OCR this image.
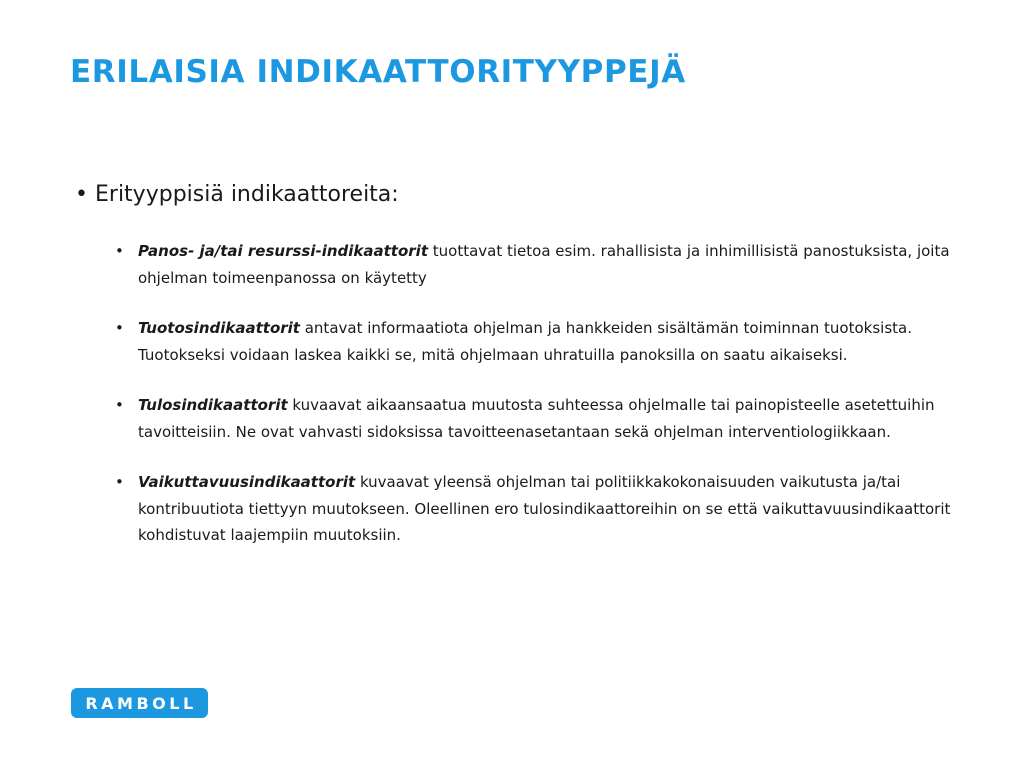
ERILAISIA INDIKAATTORITYYPPEJÄ
• Erityyppisiä indikaattoreita:
• Panos- ja/tai resurssi-indikaattorit tuottavat tietoa esim. rahallisista ja inhimillisistä panostuksista, joita ohjelman toimeenpanossa on käytetty
• Tuotosindikaattorit antavat informaatiota ohjelman ja hankkeiden sisältämän toiminnan tuotoksista. Tuotokseksi voidaan laskea kaikki se, mitä ohjelmaan uhratuilla panoksilla on saatu aikaiseksi.
• Tulosindikaattorit kuvaavat aikaansaatua muutosta suhteessa ohjelmalle tai painopisteelle asetettuihin tavoitteisiin. Ne ovat vahvasti sidoksissa tavoitteenasetantaan sekä ohjelman interventiologiikkaan.
• Vaikuttavuusindikaattorit kuvaavat yleensä ohjelman tai politiikkakokonaisuuden vaikutusta ja/tai kontribuutiota tiettyyn muutokseen. Oleellinen ero tulosindikaattoreihin on se että vaikuttavuusindikaattorit kohdistuvat laajempiin muutoksiin.
RAMBOLL
